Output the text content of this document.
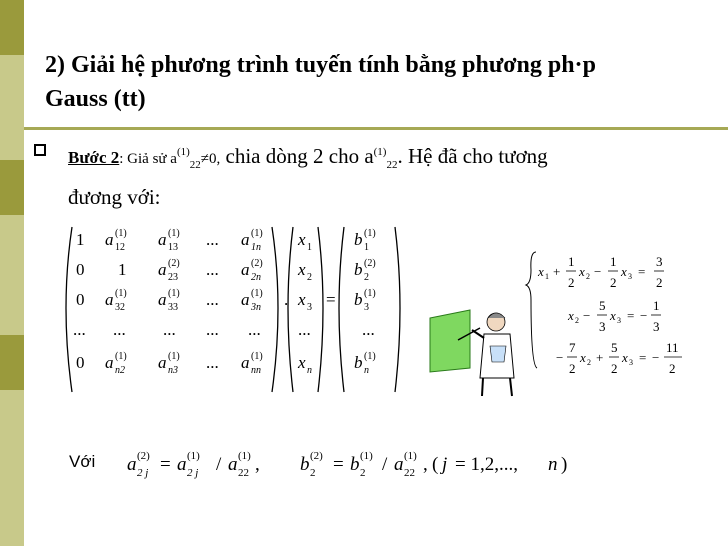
2) Giải hệ phương trình tuyến tính bằng phương ph·p
Gauss (tt)
Bước 2: Giả sử $a^{(1)}_{22}\ne 0$, chia dòng 2 cho $a^{(1)}_{22}$. Hệ đã cho tương
đương với:
1 a (1)
12 a (1)
13 ... a (1)
1n
0 1 a (2)
23 ... a (2)
2n
0 a (1)
32 a (1)
33 ... a (1)
3n
... ... ... ... ...
0 a (1)
n2 a (1)
n3 ... a (1)
nn
x 1
x 2
x 3
...
x n
. =
b (1)
1
b (2)
2
b (1)
3
...
b (1)
n
x 1 +
1
2
x 2 −
1
2
x 3 =
3
2
x 2 −
5
3
x 3 = −
1
3
−
7
2
x 2 +
5
2
x 3 = −
11
2
a (2)
2 j = a (1)
2 j / a (1)
22 , b (2)
2 = b (1)
2 / a (1)
22 , ( j = 1,2,..., n )
Với
